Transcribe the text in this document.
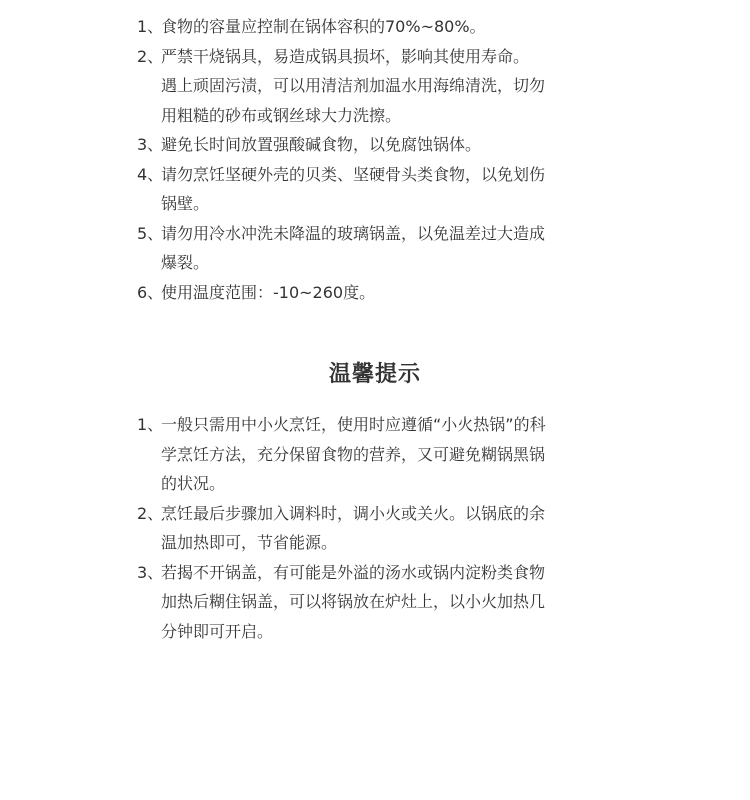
1、
食物的容量应控制在锅体容积的70%~80%。
2、
严禁干烧锅具，易造成锅具损坏，影响其使用寿命。
遇上顽固污渍，可以用清洁剂加温水用海绵清洗，切勿
用粗糙的砂布或钢丝球大力洗擦。
3、
避免长时间放置强酸碱食物，以免腐蚀锅体。
4、
请勿烹饪坚硬外壳的贝类、坚硬骨头类食物，以免划伤
锅壁。
5、
请勿用冷水冲洗未降温的玻璃锅盖，以免温差过大造成
爆裂。
6、
使用温度范围：-10~260度。
温馨提示
1、
一般只需用中小火烹饪，使用时应遵循“小火热锅”的科
学烹饪方法，充分保留食物的营养，又可避免糊锅黑锅
的状况。
2、
烹饪最后步骤加入调料时，调小火或关火。以锅底的余
温加热即可，节省能源。
3、
若揭不开锅盖，有可能是外溢的汤水或锅内淀粉类食物
加热后糊住锅盖，可以将锅放在炉灶上，以小火加热几
分钟即可开启。
